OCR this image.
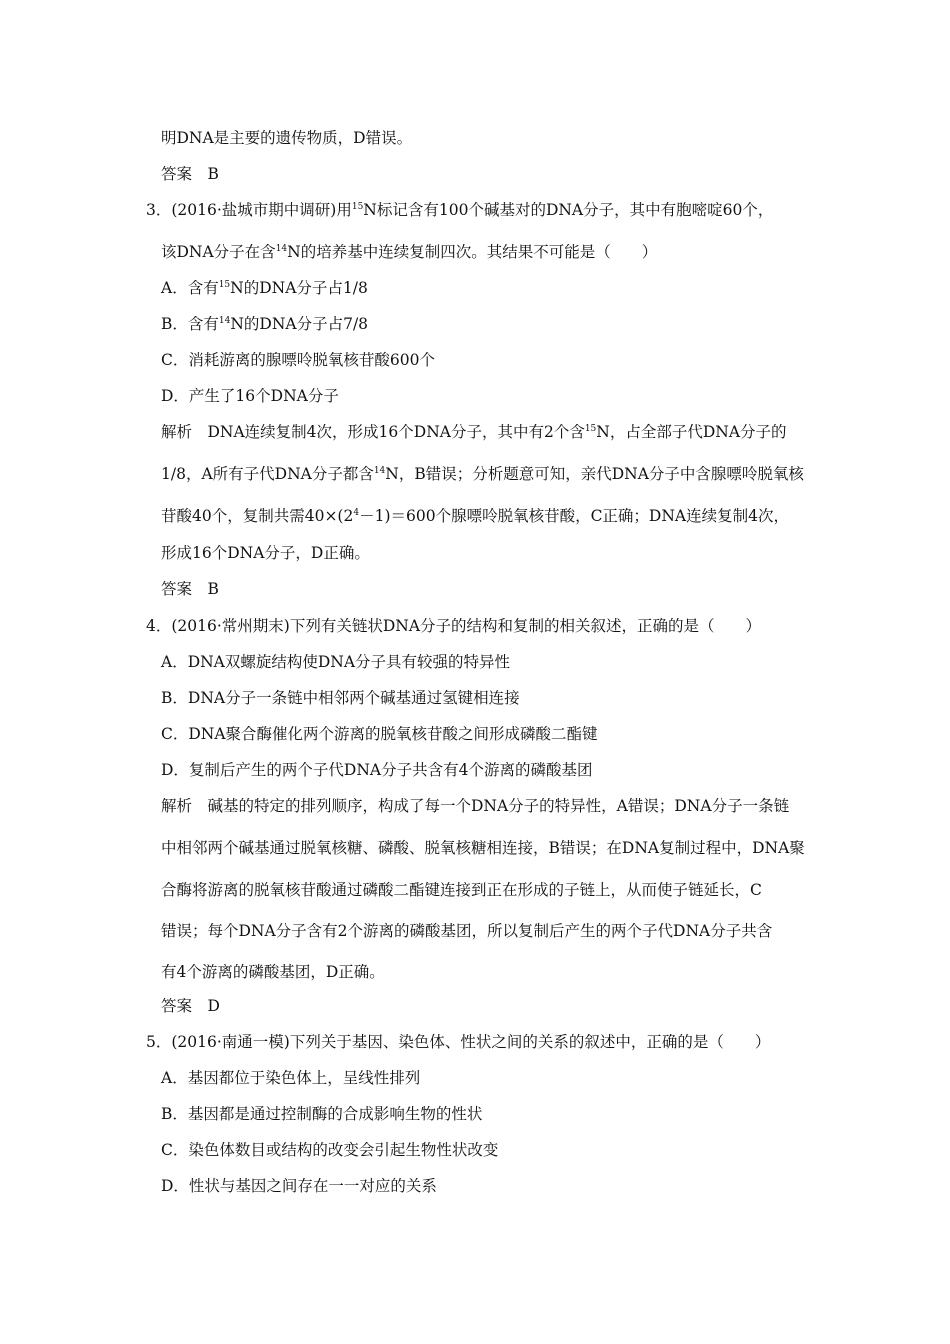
明DNA是主要的遗传物质，D错误。
答案　B
3．(2016·盐城市期中调研)用$^{15}$N标记含有100个碱基对的DNA分子，其中有胞嘧啶60个，
该DNA分子在含$^{14}$N的培养基中连续复制四次。其结果不可能是（　　）
A．含有$^{15}$N的DNA分子占1/8
B．含有$^{14}$N的DNA分子占7/8
C．消耗游离的腺嘌呤脱氧核苷酸600个
D．产生了16个DNA分子
解析　DNA连续复制4次，形成16个DNA分子，其中有2个含$^{15}$N，占全部子代DNA分子的
1/8，A所有子代DNA分子都含$^{14}$N，B错误；分析题意可知，亲代DNA分子中含腺嘌呤脱氧核
苷酸40个，复制共需$40\times(2^4-1)=600$个腺嘌呤脱氧核苷酸，C正确；DNA连续复制4次，
形成16个DNA分子，D正确。
答案　B
4．(2016·常州期末)下列有关链状DNA分子的结构和复制的相关叙述，正确的是（　　）
A．DNA双螺旋结构使DNA分子具有较强的特异性
B．DNA分子一条链中相邻两个碱基通过氢键相连接
C．DNA聚合酶催化两个游离的脱氧核苷酸之间形成磷酸二酯键
D．复制后产生的两个子代DNA分子共含有4个游离的磷酸基团
解析　碱基的特定的排列顺序，构成了每一个DNA分子的特异性，A错误；DNA分子一条链
中相邻两个碱基通过脱氧核糖、磷酸、脱氧核糖相连接，B错误；在DNA复制过程中，DNA聚
合酶将游离的脱氧核苷酸通过磷酸二酯键连接到正在形成的子链上，从而使子链延长，C
错误；每个DNA分子含有2个游离的磷酸基团，所以复制后产生的两个子代DNA分子共含
有4个游离的磷酸基团，D正确。
答案　D
5．(2016·南通一模)下列关于基因、染色体、性状之间的关系的叙述中，正确的是（　　）
A．基因都位于染色体上，呈线性排列
B．基因都是通过控制酶的合成影响生物的性状
C．染色体数目或结构的改变会引起生物性状改变
D．性状与基因之间存在一一对应的关系
